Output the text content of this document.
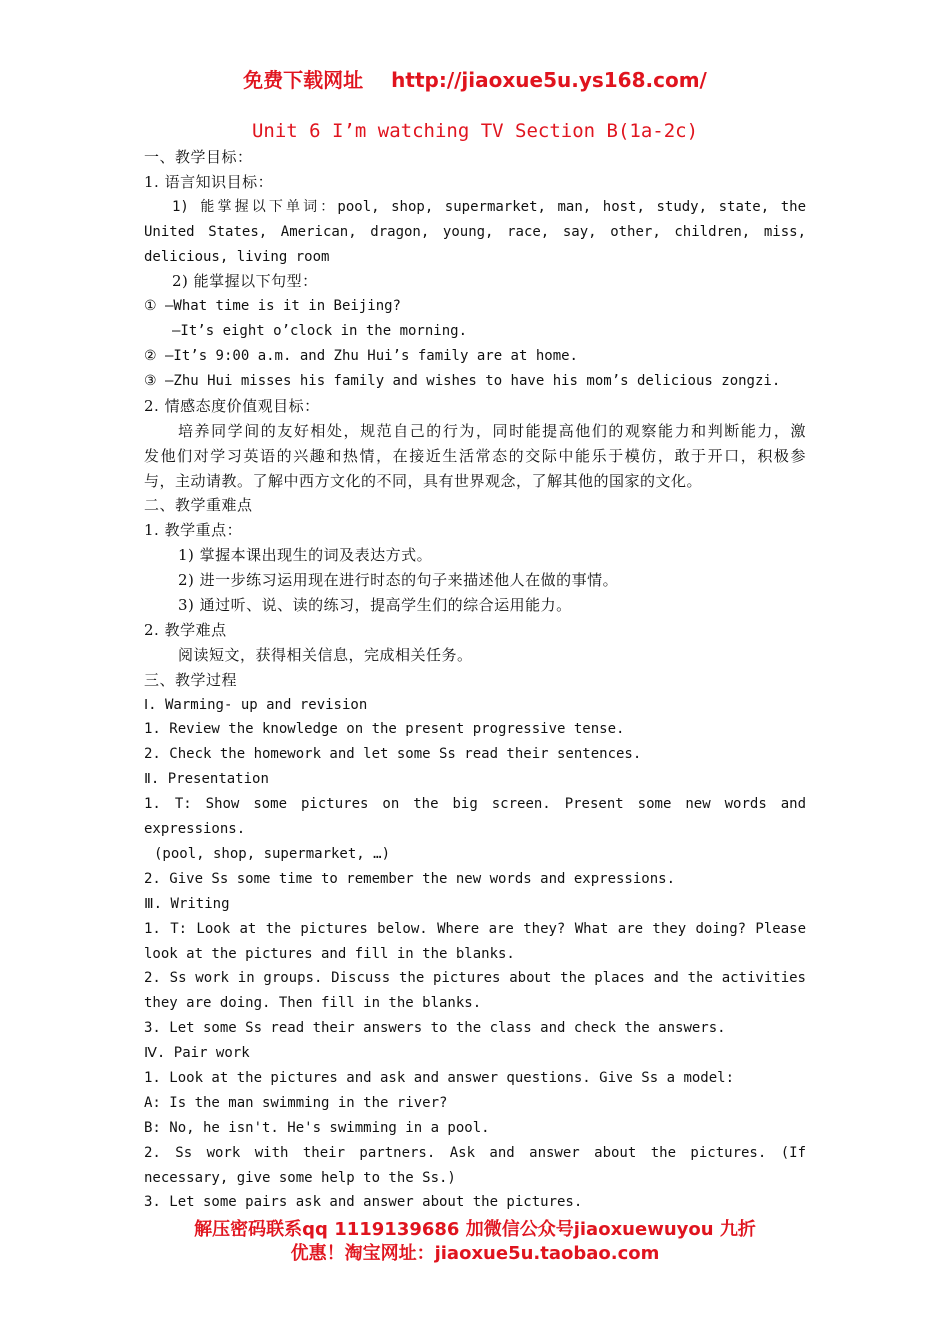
免费下载网址 http://jiaoxue5u.ys168.com/
Unit 6 I’m watching TV Section B(1a-2c)
一、教学目标：
1. 语言知识目标：
1) 能掌握以下单词：pool, shop, supermarket, man, host, study, state, the
United States, American, dragon, young, race, say, other, children, miss,
delicious, living room
2) 能掌握以下句型：
① —What time is it in Beijing?
—It’s eight o’clock in the morning.
② —It’s 9:00 a.m. and Zhu Hui’s family are at home.
③ —Zhu Hui misses his family and wishes to have his mom’s delicious zongzi.
2. 情感态度价值观目标：
培养同学间的友好相处，规范自己的行为，同时能提高他们的观察能力和判断能力，激
发他们对学习英语的兴趣和热情，在接近生活常态的交际中能乐于模仿，敢于开口，积极参
与，主动请教。了解中西方文化的不同，具有世界观念，了解其他的国家的文化。
二、教学重难点
1. 教学重点：
1) 掌握本课出现生的词及表达方式。
2) 进一步练习运用现在进行时态的句子来描述他人在做的事情。
3) 通过听、说、读的练习，提高学生们的综合运用能力。
2. 教学难点
阅读短文，获得相关信息，完成相关任务。
三、教学过程
Ⅰ. Warming- up and revision
1. Review the knowledge on the present progressive tense.
2. Check the homework and let some Ss read their sentences.
Ⅱ. Presentation
1. T: Show some pictures on the big screen. Present some new words and
expressions.
(pool, shop, supermarket, …)
2. Give Ss some time to remember the new words and expressions.
Ⅲ. Writing
1. T: Look at the pictures below. Where are they? What are they doing? Please
look at the pictures and fill in the blanks.
2. Ss work in groups. Discuss the pictures about the places and the activities
they are doing. Then fill in the blanks.
3. Let some Ss read their answers to the class and check the answers.
Ⅳ. Pair work
1. Look at the pictures and ask and answer questions. Give Ss a model:
A: Is the man swimming in the river?
B: No, he isn't. He's swimming in a pool.
2. Ss work with their partners. Ask and answer about the pictures. (If
necessary, give some help to the Ss.)
3. Let some pairs ask and answer about the pictures.
解压密码联系qq 1119139686 加微信公众号jiaoxuewuyou 九折
优惠！淘宝网址：jiaoxue5u.taobao.com
